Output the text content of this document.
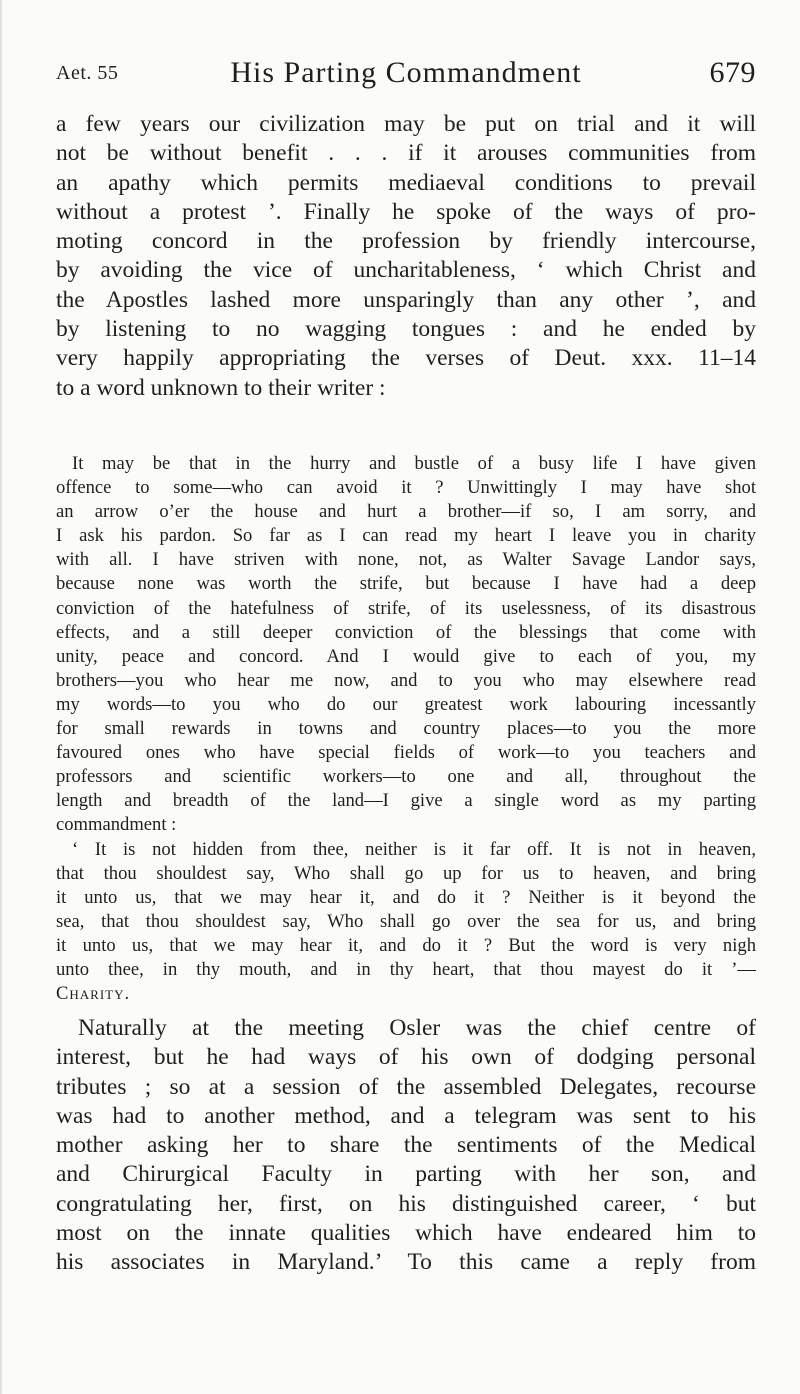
Aet. 55	His Parting Commandment	679
a few years our civilization may be put on trial and it will
not be without benefit . . . if it arouses communities from
an apathy which permits mediaeval conditions to prevail
without a protest ’. Finally he spoke of the ways of pro-
moting concord in the profession by friendly intercourse,
by avoiding the vice of uncharitableness, ‘ which Christ and
the Apostles lashed more unsparingly than any other ’, and
by listening to no wagging tongues : and he ended by
very happily appropriating the verses of Deut. xxx. 11–14
to a word unknown to their writer :
It may be that in the hurry and bustle of a busy life I have given
offence to some—who can avoid it ? Unwittingly I may have shot
an arrow o’er the house and hurt a brother—if so, I am sorry, and
I ask his pardon. So far as I can read my heart I leave you in charity
with all. I have striven with none, not, as Walter Savage Landor says,
because none was worth the strife, but because I have had a deep
conviction of the hatefulness of strife, of its uselessness, of its disastrous
effects, and a still deeper conviction of the blessings that come with
unity, peace and concord. And I would give to each of you, my
brothers—you who hear me now, and to you who may elsewhere read
my words—to you who do our greatest work labouring incessantly
for small rewards in towns and country places—to you the more
favoured ones who have special fields of work—to you teachers and
professors and scientific workers—to one and all, throughout the
length and breadth of the land—I give a single word as my parting
commandment :
‘ It is not hidden from thee, neither is it far off. It is not in heaven,
that thou shouldest say, Who shall go up for us to heaven, and bring
it unto us, that we may hear it, and do it ? Neither is it beyond the
sea, that thou shouldest say, Who shall go over the sea for us, and bring
it unto us, that we may hear it, and do it ? But the word is very nigh
unto thee, in thy mouth, and in thy heart, that thou mayest do it ’—
Charity.
Naturally at the meeting Osler was the chief centre of
interest, but he had ways of his own of dodging personal
tributes ; so at a session of the assembled Delegates, recourse
was had to another method, and a telegram was sent to his
mother asking her to share the sentiments of the Medical
and Chirurgical Faculty in parting with her son, and
congratulating her, first, on his distinguished career, ‘ but
most on the innate qualities which have endeared him to
his associates in Maryland.’ To this came a reply from
